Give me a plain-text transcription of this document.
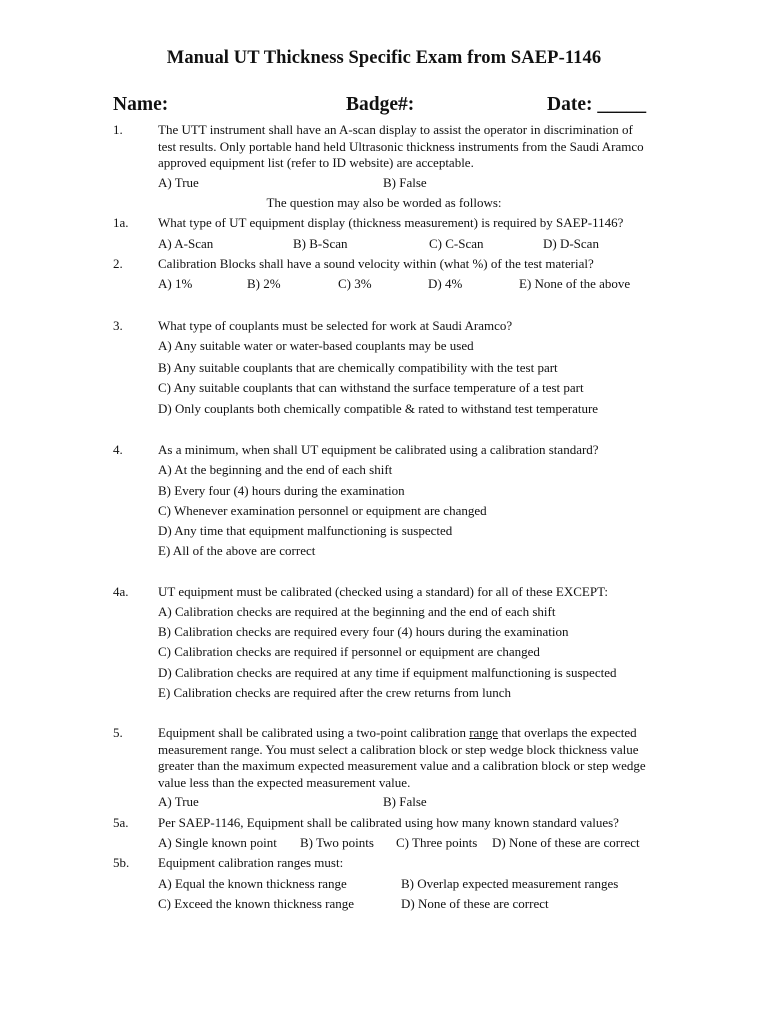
Manual UT Thickness Specific Exam from SAEP-1146
Name:	Badge#:	Date: _____
1.	The UTT instrument shall have an A-scan display to assist the operator in discrimination of test results. Only portable hand held Ultrasonic thickness instruments from the Saudi Aramco approved equipment list (refer to ID website) are acceptable.
A) True	B) False
The question may also be worded as follows:
1a. What type of UT equipment display (thickness measurement) is required by SAEP-1146?
A) A-Scan	B) B-Scan	C) C-Scan	D) D-Scan
2.	Calibration Blocks shall have a sound velocity within (what %) of the test material?
A) 1%	B) 2%	C) 3%	D) 4%	E) None of the above
3.	What type of couplants must be selected for work at Saudi Aramco?
A) Any suitable water or water-based couplants may be used
B) Any suitable couplants that are chemically compatibility with the test part
C) Any suitable couplants that can withstand the surface temperature of a test part
D) Only couplants both chemically compatible & rated to withstand test temperature
4.	As a minimum, when shall UT equipment be calibrated using a calibration standard?
A) At the beginning and the end of each shift
B) Every four (4) hours during the examination
C) Whenever examination personnel or equipment are changed
D) Any time that equipment malfunctioning is suspected
E) All of the above are correct
4a. UT equipment must be calibrated (checked using a standard) for all of these EXCEPT:
A) Calibration checks are required at the beginning and the end of each shift
B) Calibration checks are required every four (4) hours during the examination
C) Calibration checks are required if personnel or equipment are changed
D) Calibration checks are required at any time if equipment malfunctioning is suspected
E) Calibration checks are required after the crew returns from lunch
5.	Equipment shall be calibrated using a two-point calibration range that overlaps the expected measurement range. You must select a calibration block or step wedge block thickness value greater than the maximum expected measurement value and a calibration block or step wedge value less than the expected measurement value.
A) True	B) False
5a. Per SAEP-1146, Equipment shall be calibrated using how many known standard values?
A) Single known point B) Two points C) Three points D) None of these are correct
5b. Equipment calibration ranges must:
A) Equal the known thickness range	B) Overlap expected measurement ranges
C) Exceed the known thickness range	D) None of these are correct
